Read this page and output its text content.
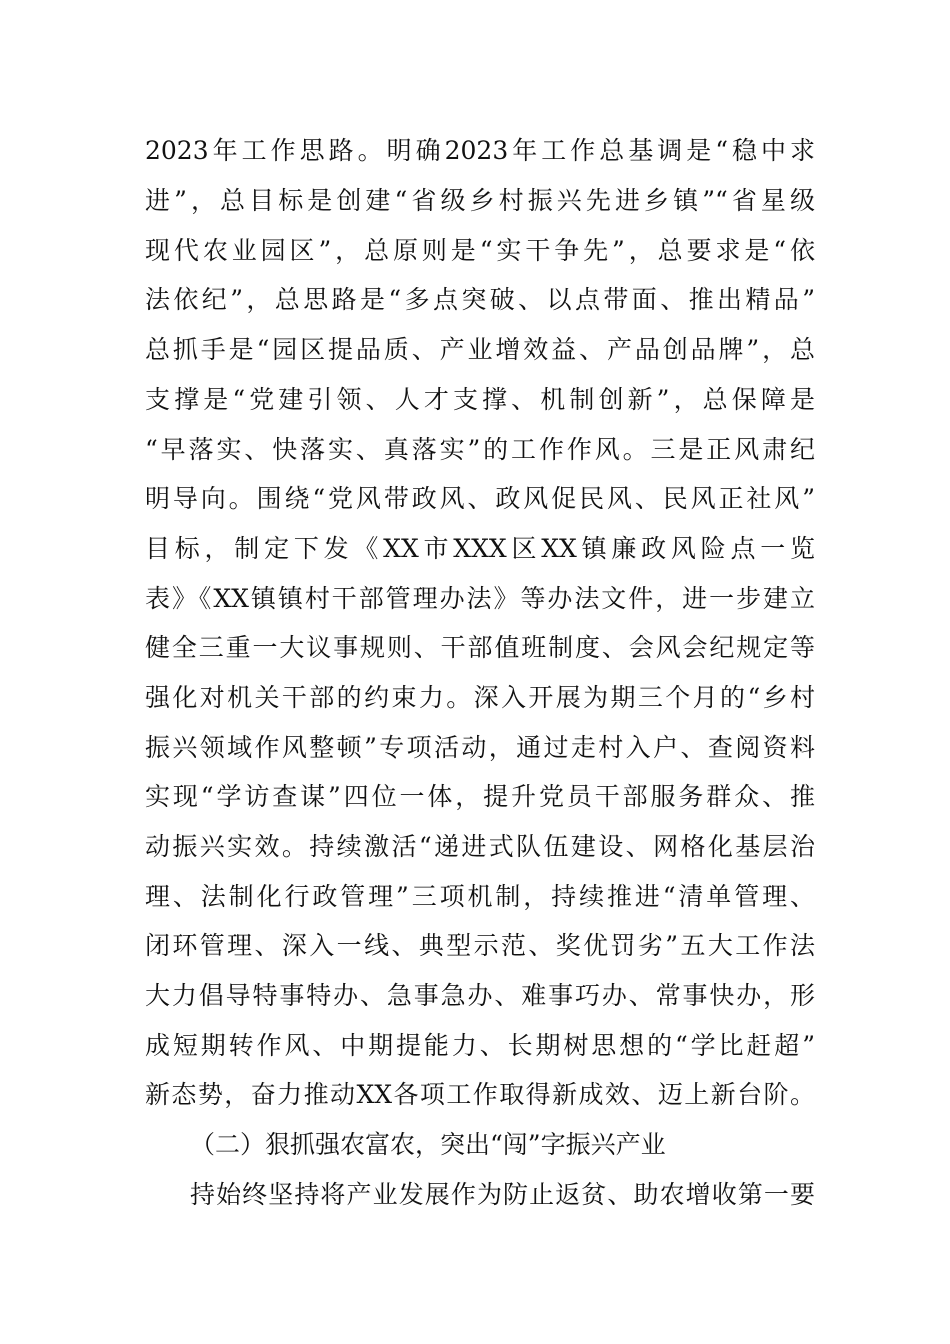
2023年工作思路。明确2023年工作总基调是“稳中求
进”，总目标是创建“省级乡村振兴先进乡镇”“省星级
现代农业园区”，总原则是“实干争先”，总要求是“依
法依纪”，总思路是“多点突破、以点带面、推出精品”
总抓手是“园区提品质、产业增效益、产品创品牌”，总
支撑是“党建引领、人才支撑、机制创新”，总保障是
“早落实、快落实、真落实”的工作作风。三是正风肃纪
明导向。围绕“党风带政风、政风促民风、民风正社风”
目标，制定下发《XX市XXX区XX镇廉政风险点一览
表》《XX镇镇村干部管理办法》等办法文件，进一步建立
健全三重一大议事规则、干部值班制度、会风会纪规定等
强化对机关干部的约束力。深入开展为期三个月的“乡村
振兴领域作风整顿”专项活动，通过走村入户、查阅资料
实现“学访查谋”四位一体，提升党员干部服务群众、推
动振兴实效。持续激活“递进式队伍建设、网格化基层治
理、法制化行政管理”三项机制，持续推进“清单管理、
闭环管理、深入一线、典型示范、奖优罚劣”五大工作法
大力倡导特事特办、急事急办、难事巧办、常事快办，形
成短期转作风、中期提能力、长期树思想的“学比赶超”
新态势，奋力推动XX各项工作取得新成效、迈上新台阶。
（二）狠抓强农富农，突出“闯”字振兴产业
持始终坚持将产业发展作为防止返贫、助农增收第一要
